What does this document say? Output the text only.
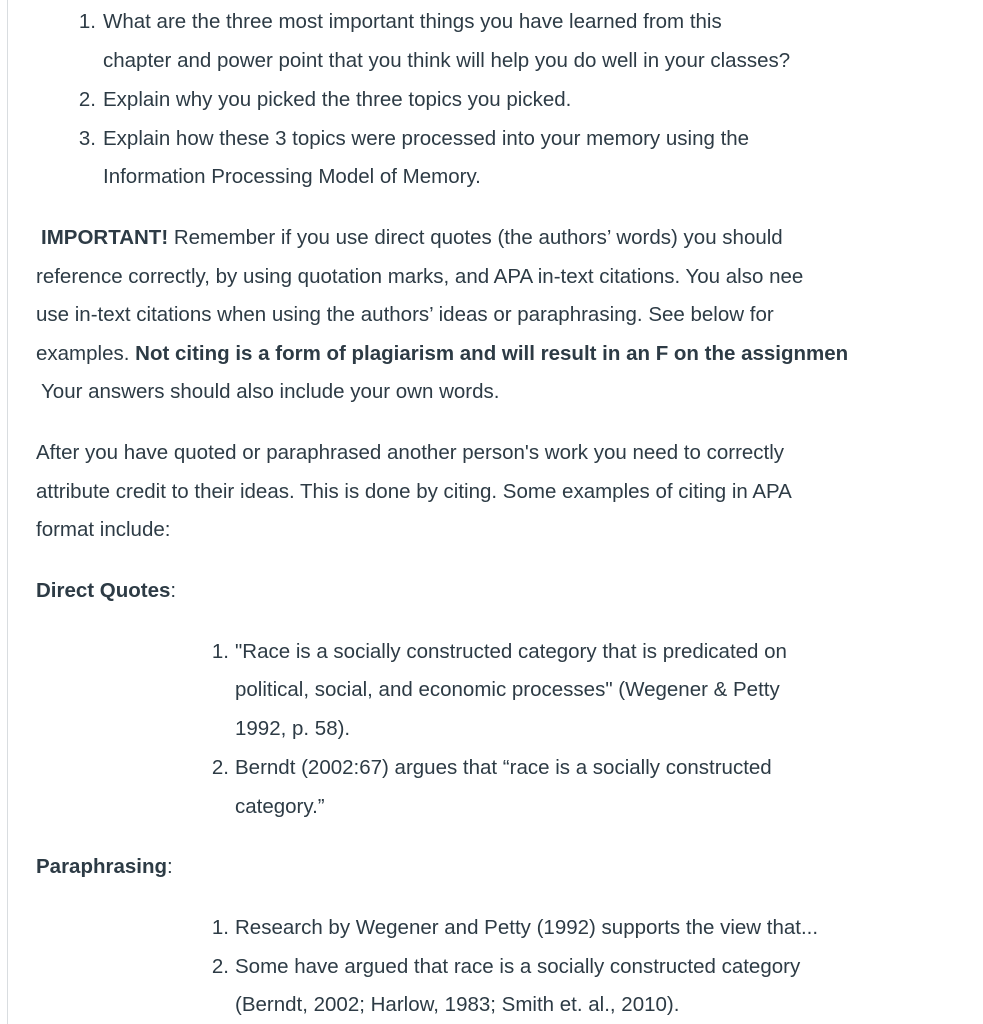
1. What are the three most important things you have learned from this
chapter and power point that you think will help you do well in your classes?
2. Explain why you picked the three topics you picked.
3. Explain how these 3 topics were processed into your memory using the
Information Processing Model of Memory.
IMPORTANT! Remember if you use direct quotes (the authors’ words) you should
reference correctly, by using quotation marks, and APA in-text citations. You also nee
use in-text citations when using the authors’ ideas or paraphrasing. See below for
examples. Not citing is a form of plagiarism and will result in an F on the assignmen
Your answers should also include your own words.
After you have quoted or paraphrased another person's work you need to correctly
attribute credit to their ideas. This is done by citing. Some examples of citing in APA
format include:
Direct Quotes:
1. "Race is a socially constructed category that is predicated on
political, social, and economic processes" (Wegener & Petty
1992, p. 58).
2. Berndt (2002:67) argues that “race is a socially constructed
category.”
Paraphrasing:
1. Research by Wegener and Petty (1992) supports the view that...
2. Some have argued that race is a socially constructed category
(Berndt, 2002; Harlow, 1983; Smith et. al., 2010).
